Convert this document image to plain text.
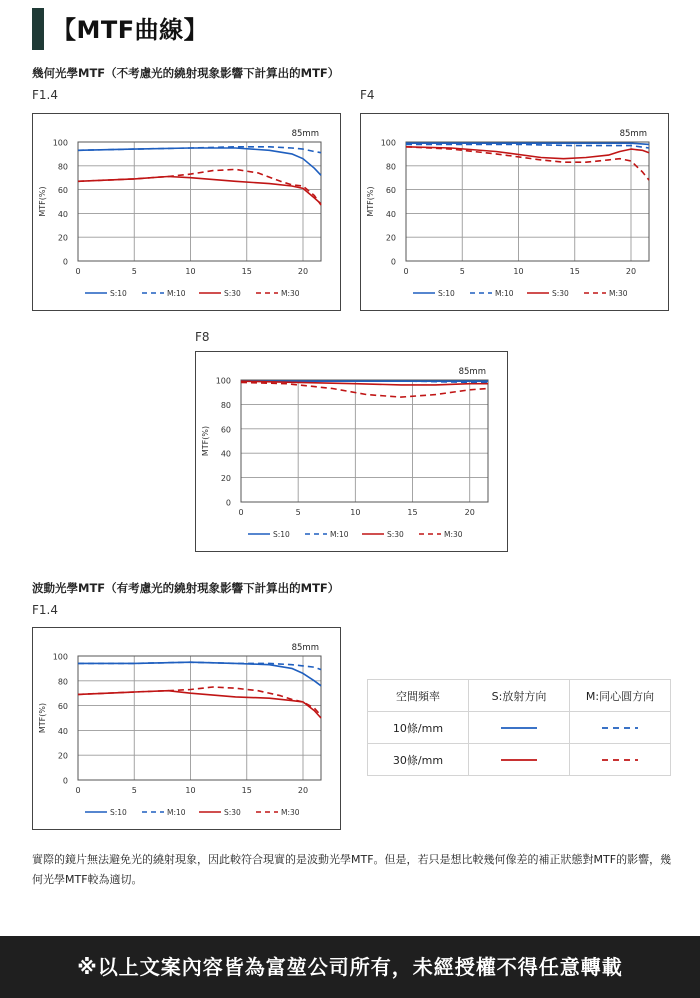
【MTF曲線】
幾何光學MTF（不考慮光的繞射現象影響下計算出的MTF）
F1.4	F4
F8
0
20
40
60
80
100
0	5	10	15	20
85mm
MTF(%)
S:10	M:10	S:30	M:30
0
20
40
60
80
100
0	5	10	15	20
85mm
MTF(%)
S:10	M:10	S:30	M:30
0
20
40
60
80
100
0	5	10	15	20
85mm
MTF(%)
S:10	M:10	S:30	M:30
波動光學MTF（有考慮光的繞射現象影響下計算出的MTF）
F1.4
0
20
40
60
80
100
0	5	10	15	20
85mm
MTF(%)
S:10	M:10	S:30	M:30
空間頻率	S:放射方向	M:同心圓方向
10條/mm		
30條/mm		
實際的鏡片無法避免光的繞射現象，因此較符合現實的是波動光學MTF。但是，若只是想比較幾何像差的補正狀態對MTF的影響，幾何光學MTF較為適切。
※以上文案內容皆為富堃公司所有，未經授權不得任意轉載
